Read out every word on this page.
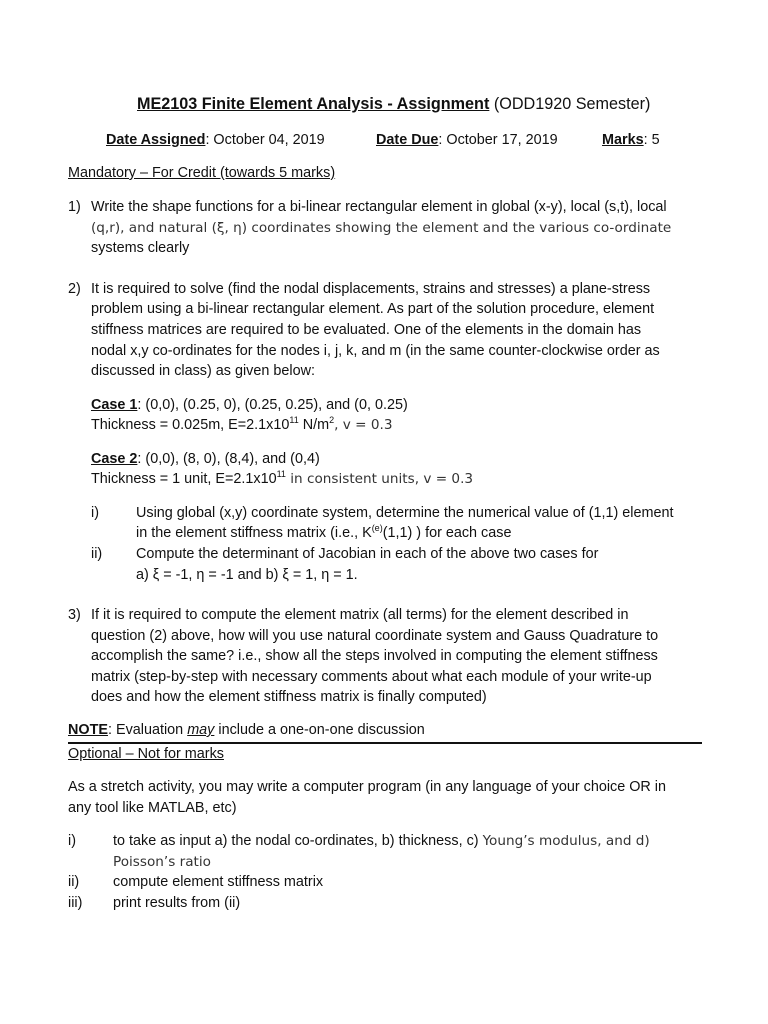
ME2103 Finite Element Analysis - Assignment (ODD1920 Semester)
Date Assigned: October 04, 2019	Date Due: October 17, 2019	Marks: 5
Mandatory – For Credit (towards 5 marks)
1) Write the shape functions for a bi-linear rectangular element in global (x-y), local (s,t), local
(q,r), and natural (ξ, η) coordinates showing the element and the various co-ordinate
systems clearly
2) It is required to solve (find the nodal displacements, strains and stresses) a plane-stress
problem using a bi-linear rectangular element. As part of the solution procedure, element
stiffness matrices are required to be evaluated. One of the elements in the domain has
nodal x,y co-ordinates for the nodes i, j, k, and m (in the same counter-clockwise order as
discussed in class) as given below:
Case 1: (0,0), (0.25, 0), (0.25, 0.25), and (0, 0.25)
Thickness = 0.025m, $E=2.1x10^{11}$ $N/m^2$, v = 0.3
Case 2: (0,0), (8, 0), (8,4), and (0,4)
Thickness = 1 unit, $E=2.1x10^{11}$ in consistent units, v = 0.3
i)	Using global (x,y) coordinate system, determine the numerical value of (1,1) element
in the element stiffness matrix (i.e., $K^{(e)}(1,1)$ ) for each case
ii) Compute the determinant of Jacobian in each of the above two cases for
a) ξ = -1, η = -1 and b) ξ = 1, η = 1.
3) If it is required to compute the element matrix (all terms) for the element described in
question (2) above, how will you use natural coordinate system and Gauss Quadrature to
accomplish the same? i.e., show all the steps involved in computing the element stiffness
matrix (step-by-step with necessary comments about what each module of your write-up
does and how the element stiffness matrix is finally computed)
NOTE: Evaluation may include a one-on-one discussion
Optional – Not for marks
As a stretch activity, you may write a computer program (in any language of your choice OR in
any tool like MATLAB, etc)
i)	to take as input a) the nodal co-ordinates, b) thickness, c) Young’s modulus, and d)
Poisson’s ratio
ii) compute element stiffness matrix
iii) print results from (ii)
